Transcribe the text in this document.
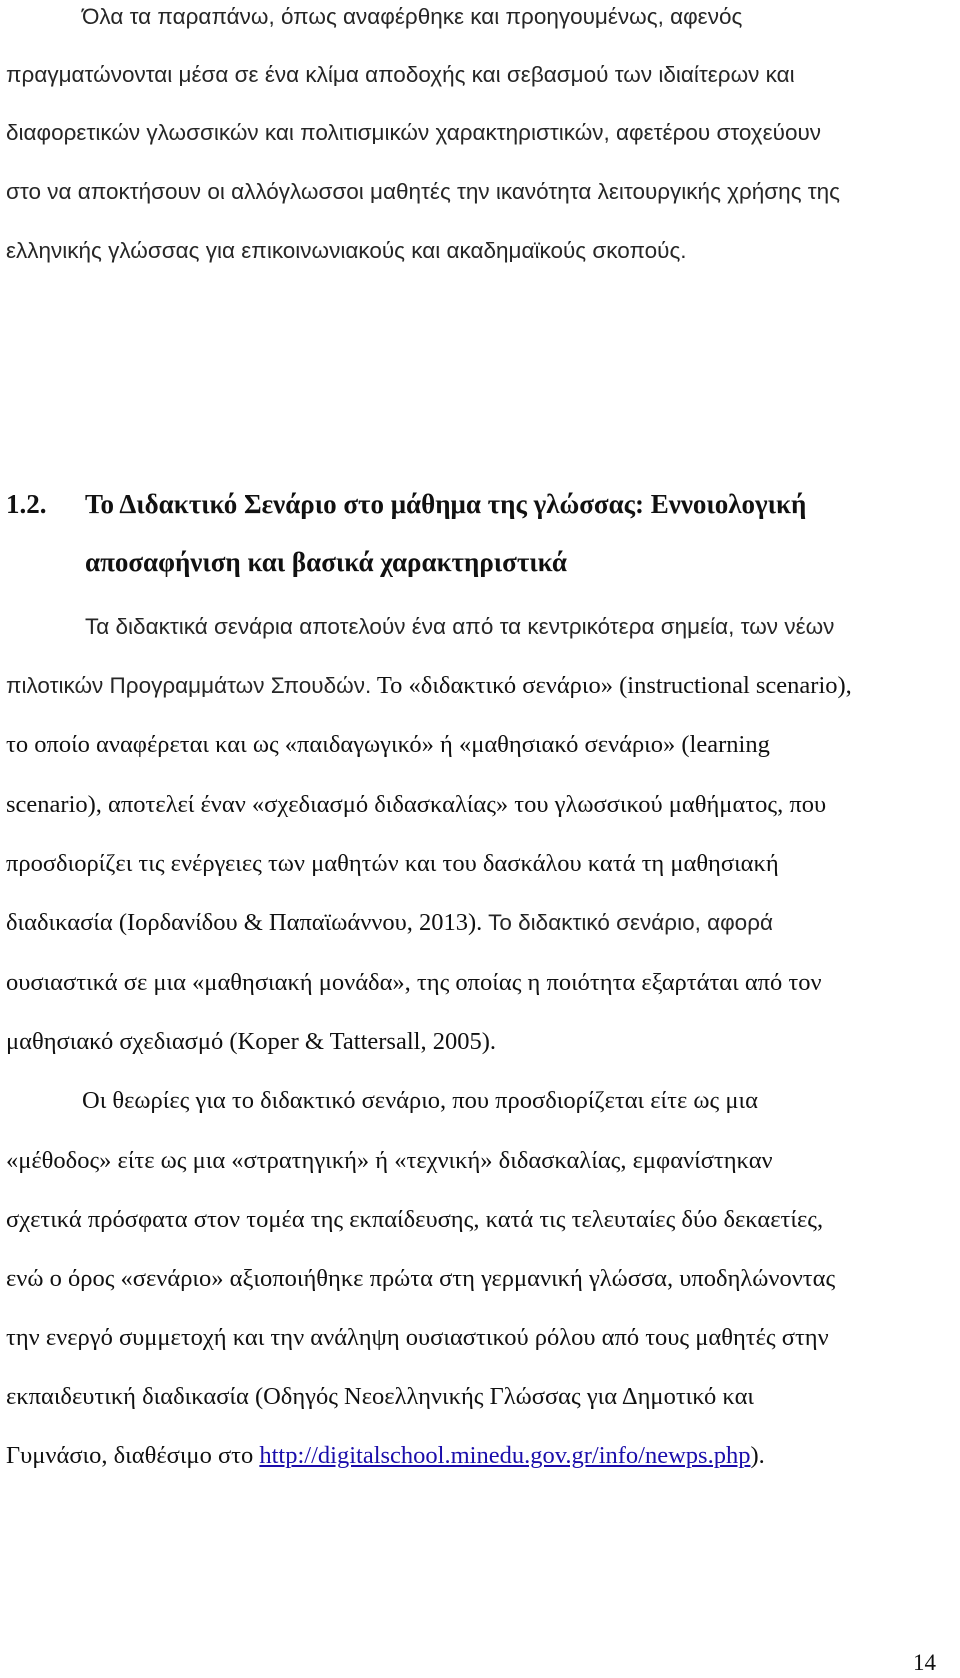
Όλα τα παραπάνω, όπως αναφέρθηκε και προηγουμένως, αφενός

πραγματώνονται μέσα σε ένα κλίμα αποδοχής και σεβασμού των ιδιαίτερων και

διαφορετικών γλωσσικών και πολιτισμικών χαρακτηριστικών, αφετέρου στοχεύουν

στο να αποκτήσουν οι αλλόγλωσσοι μαθητές την ικανότητα λειτουργικής χρήσης της

ελληνικής γλώσσας για επικοινωνιακούς και ακαδημαϊκούς σκοπούς.

1.2. Το Διδακτικό Σενάριο στο μάθημα της γλώσσας: Εννοιολογική

αποσαφήνιση και βασικά χαρακτηριστικά

Τα διδακτικά σενάρια αποτελούν ένα από τα κεντρικότερα σημεία, των νέων

πιλοτικών Προγραμμάτων Σπουδών. Το «διδακτικό σενάριο» (instructional scenario),

το οποίο αναφέρεται και ως «παιδαγωγικό» ή «μαθησιακό σενάριο» (learning

scenario), αποτελεί έναν «σχεδιασμό διδασκαλίας» του γλωσσικού μαθήματος, που

προσδιορίζει τις ενέργειες των μαθητών και του δασκάλου κατά τη μαθησιακή

διαδικασία (Ιορδανίδου & Παπαϊωάννου, 2013). Το διδακτικό σενάριο, αφορά

ουσιαστικά σε μια «μαθησιακή μονάδα», της οποίας η ποιότητα εξαρτάται από τον

μαθησιακό σχεδιασμό (Koper & Tattersall, 2005).

Οι θεωρίες για το διδακτικό σενάριο, που προσδιορίζεται είτε ως μια

«μέθοδος» είτε ως μια «στρατηγική» ή «τεχνική» διδασκαλίας, εμφανίστηκαν

σχετικά πρόσφατα στον τομέα της εκπαίδευσης, κατά τις τελευταίες δύο δεκαετίες,

ενώ ο όρος «σενάριο» αξιοποιήθηκε πρώτα στη γερμανική γλώσσα, υποδηλώνοντας

την ενεργό συμμετοχή και την ανάληψη ουσιαστικού ρόλου από τους μαθητές στην

εκπαιδευτική διαδικασία (Οδηγός Νεοελληνικής Γλώσσας για Δημοτικό και

Γυμνάσιο, διαθέσιμο στο http://digitalschool.minedu.gov.gr/info/newps.php).

14
